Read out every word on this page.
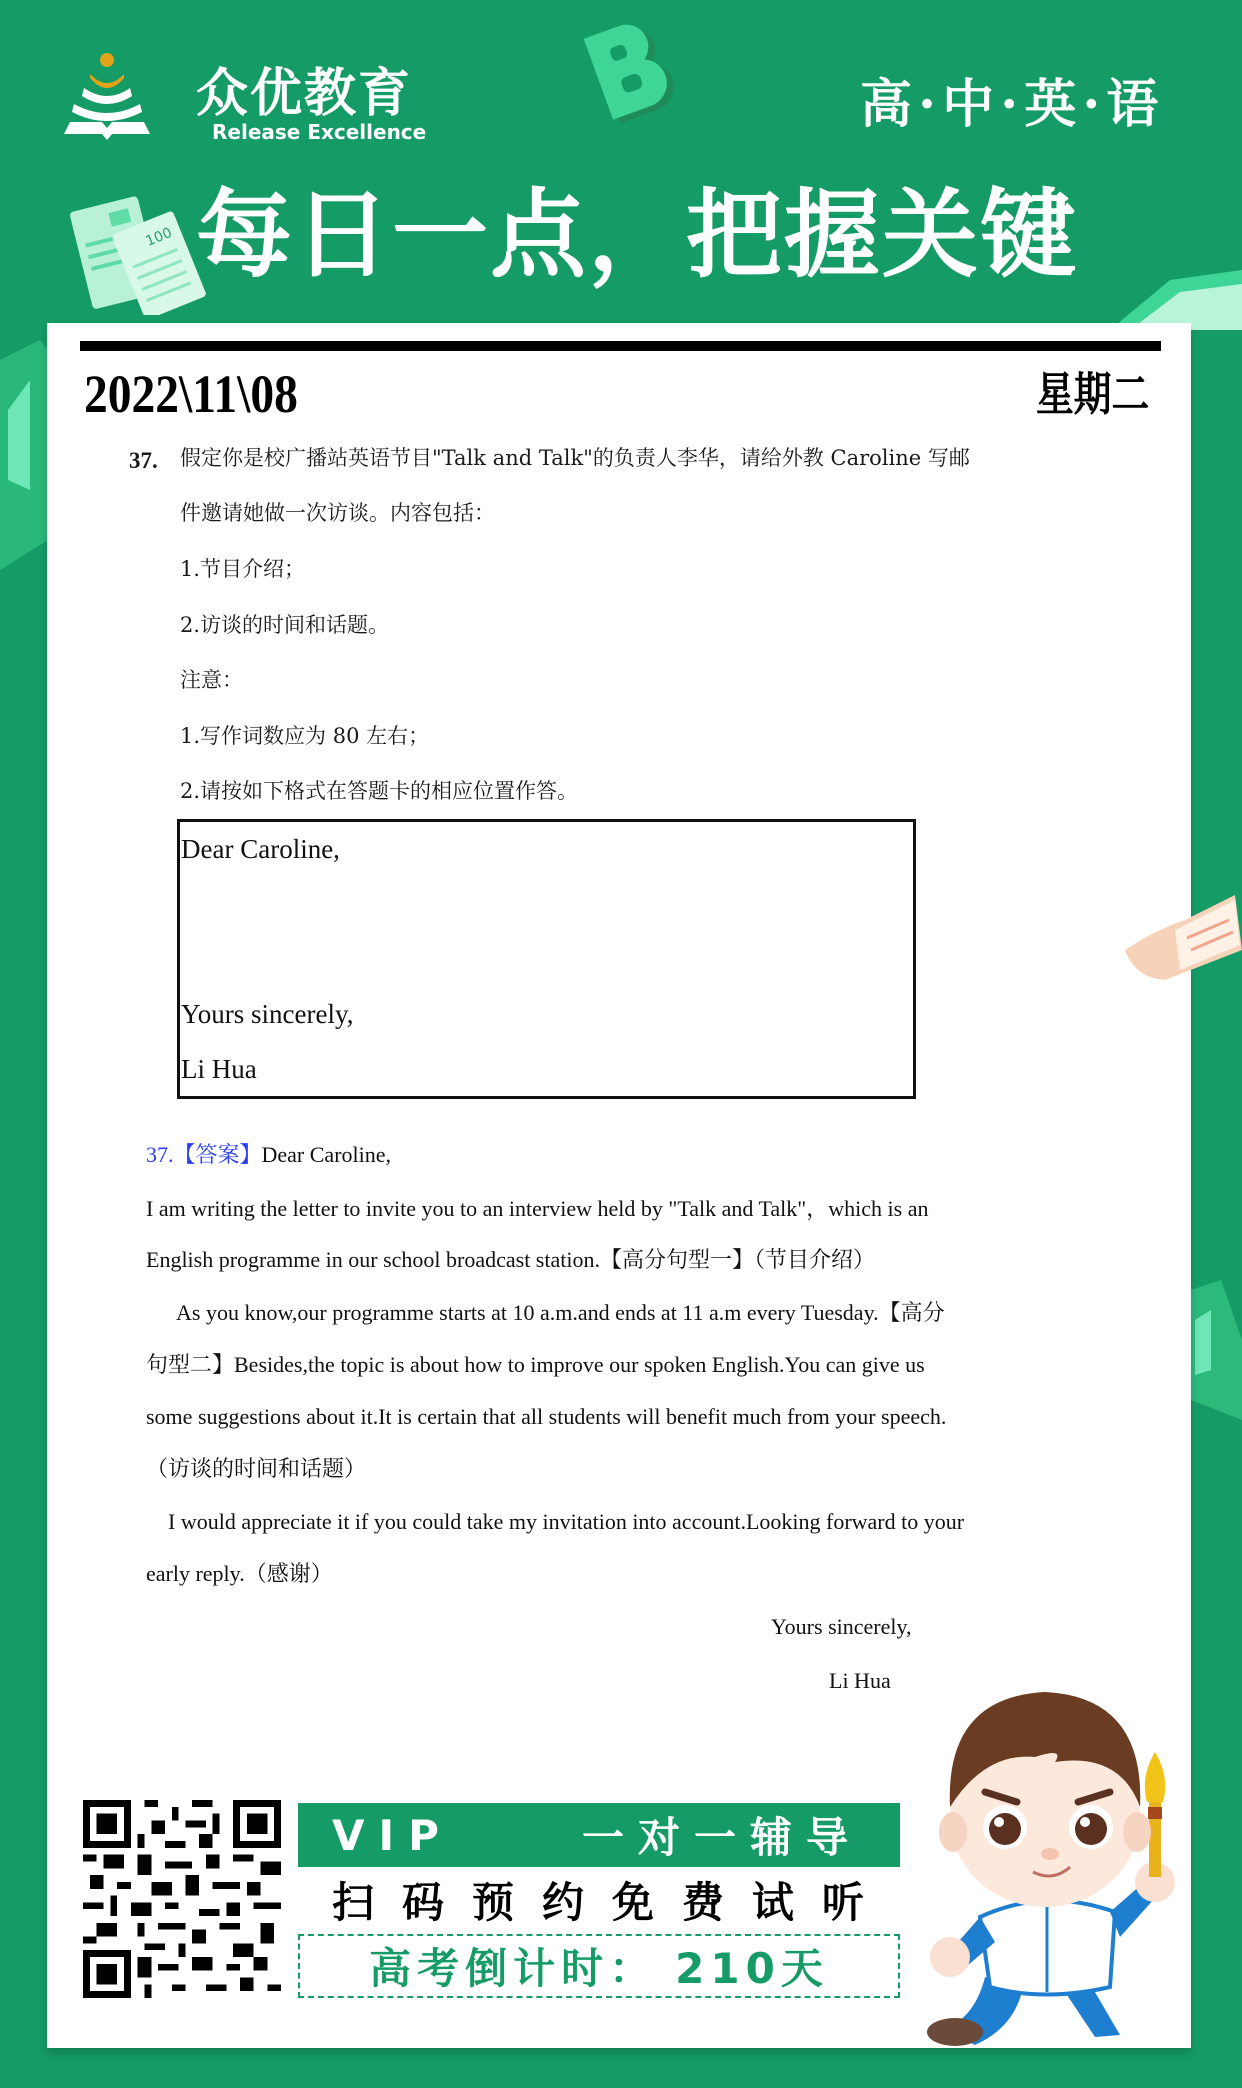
众优教育
Release Excellence	高·中·英·语
100 每日一点，把握关键
2022\11\08	星期二
37. 假定你是校广播站英语节目"Talk and Talk"的负责人李华，请给外教 Caroline 写邮
件邀请她做一次访谈。内容包括：
1.节目介绍；
2.访谈的时间和话题。
注意：
1.写作词数应为 80 左右；
2.请按如下格式在答题卡的相应位置作答。
Dear Caroline,
Yours sincerely,
Li Hua
37.【答案】Dear Caroline,
I am writing the letter to invite you to an interview held by "Talk and Talk"，which is an
English programme in our school broadcast station.【高分句型一】（节目介绍）
As you know,our programme starts at 10 a.m.and ends at 11 a.m every Tuesday.【高分
句型二】Besides,the topic is about how to improve our spoken English.You can give us
some suggestions about it.It is certain that all students will benefit much from your speech.
（访谈的时间和话题）
I would appreciate it if you could take my invitation into account.Looking forward to your
early reply.（感谢）
Yours sincerely,
Li Hua
VIP	一对一辅导
扫 码 预 约 免 费 试 听
高考倒计时： 210天
